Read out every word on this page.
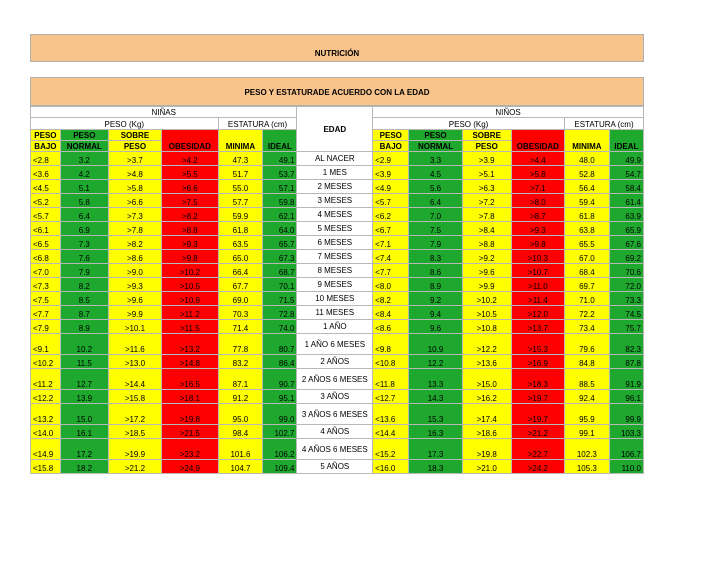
NUTRICIÓN
PESO Y ESTATURADE ACUERDO CON LA EDAD
NIÑAS						EDAD	NIÑOS					
PESO (Kg)				ESTATURA (cm)			PESO (Kg)				ESTATURA (cm)	
PESO	PESO	SOBRE	OBESIDAD	MINIMA	IDEAL		PESO	PESO	SOBRE	OBESIDAD	MINIMA	IDEAL
BAJO	NORMAL	PESO					BAJO	NORMAL	PESO			
<2.8	3.2	>3.7	>4.2	47.3	49.1	AL NACER	<2.9	3.3	>3.9	>4.4	48.0	49.9
<3.6	4.2	>4.8	>5.5	51.7	53.7	1 MES	<3.9	4.5	>5.1	>5.8	52.8	54.7
<4.5	5.1	>5.8	>6.6	55.0	57.1	2 MESES	<4.9	5.6	>6.3	>7.1	56.4	58.4
<5.2	5.8	>6.6	>7.5	57.7	59.8	3 MESES	<5.7	6.4	>7.2	>8.0	59.4	61.4
<5.7	6.4	>7.3	>8.2	59.9	62.1	4 MESES	<6.2	7.0	>7.8	>8.7	61.8	63.9
<6.1	6.9	>7.8	>8.8	61.8	64.0	5 MESES	<6.7	7.5	>8.4	>9.3	63.8	65.9
<6.5	7.3	>8.2	>9.3	63.5	65.7	6 MESES	<7.1	7.9	>8.8	>9.8	65.5	67.6
<6.8	7.6	>8.6	>9.8	65.0	67.3	7 MESES	<7.4	8.3	>9.2	>10.3	67.0	69.2
<7.0	7.9	>9.0	>10.2	66.4	68.7	8 MESES	<7.7	8.6	>9.6	>10.7	68.4	70.6
<7.3	8.2	>9.3	>10.5	67.7	70.1	9 MESES	<8.0	8.9	>9.9	>11.0	69.7	72.0
<7.5	8.5	>9.6	>10.9	69.0	71.5	10 MESES	<8.2	9.2	>10.2	>11.4	71.0	73.3
<7.7	8.7	>9.9	>11.2	70.3	72.8	11 MESES	<8.4	9.4	>10.5	>12.0	72.2	74.5
<7.9	8.9	>10.1	>11.5	71.4	74.0	1 AÑO	<8.6	9.6	>10.8	>13.7	73.4	75.7
<9.1	10.2	>11.6	>13.2	77.8	80.7	1 AÑO 6 MESES	<9.8	10.9	>12.2	>15.3	79.6	82.3
<10.2	11.5	>13.0	>14.8	83.2	86.4	2 AÑOS	<10.8	12.2	>13.6	>16.9	84.8	87.8
<11.2	12.7	>14.4	>16.5	87.1	90.7	2 AÑOS 6 MESES	<11.8	13.3	>15.0	>18.3	88.5	91.9
<12.2	13.9	>15.8	>18.1	91.2	95.1	3 AÑOS	<12.7	14.3	>16.2	>19.7	92.4	96.1
<13.2	15.0	>17.2	>19.8	95.0	99.0	3 AÑOS 6 MESES	<13.6	15.3	>17.4	>19.7	95.9	99.9
<14.0	16.1	>18.5	>21.5	98.4	102.7	4 AÑOS	<14.4	16.3	>18.6	>21.2	99.1	103.3
<14.9	17.2	>19.9	>23.2	101.6	106.2	4 AÑOS 6 MESES	<15.2	17.3	>19.8	>22.7	102.3	106.7
<15.8	18.2	>21.2	>24.9	104.7	109.4	5 AÑOS	<16.0	18.3	>21.0	>24.2	105.3	110.0
